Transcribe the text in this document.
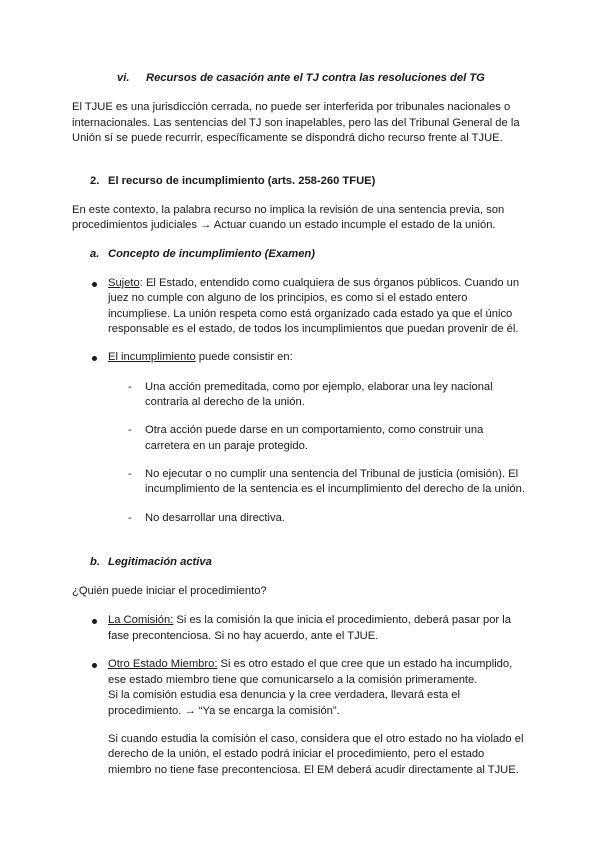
vi. Recursos de casación ante el TJ contra las resoluciones del TG
El TJUE es una jurisdicción cerrada, no puede ser interferida por tribunales nacionales o
internacionales. Las sentencias del TJ son inapelables, pero las del Tribunal General de la
Unión sí se puede recurrir, específicamente se dispondrá dicho recurso frente al TJUE.
2. El recurso de incumplimiento (arts. 258-260 TFUE)
En este contexto, la palabra recurso no implica la revisión de una sentencia previa, son
procedimientos judiciales → Actuar cuando un estado incumple el estado de la unión.
a. Concepto de incumplimiento (Examen)
Sujeto: El Estado, entendido como cualquiera de sus órganos públicos. Cuando un
juez no cumple con alguno de los principios, es como si el estado entero
incumpliese. La unión respeta como está organizado cada estado ya que el único
responsable es el estado, de todos los incumplimientos que puedan provenir de él.
El incumplimiento puede consistir en:
- Una acción premeditada, como por ejemplo, elaborar una ley nacional
contraria al derecho de la unión.
- Otra acción puede darse en un comportamiento, como construir una
carretera en un paraje protegido.
- No ejecutar o no cumplir una sentencia del Tribunal de justicia (omisión). El
incumplimiento de la sentencia es el incumplimiento del derecho de la unión.
- No desarrollar una directiva.
b. Legitimación activa
¿Quién puede iniciar el procedimiento?
La Comisión: Si es la comisión la que inicia el procedimiento, deberá pasar por la
fase precontenciosa. Si no hay acuerdo, ante el TJUE.
Otro Estado Miembro: Si es otro estado el que cree que un estado ha incumplido,
ese estado miembro tiene que comunicarselo a la comisión primeramente.
Si la comisión estudia esa denuncia y la cree verdadera, llevará esta el
procedimiento. → “Ya se encarga la comisión”.
Si cuando estudia la comisión el caso, considera que el otro estado no ha violado el
derecho de la unión, el estado podrá iniciar el procedimiento, pero el estado
miembro no tiene fase precontenciosa. El EM deberá acudir directamente al TJUE.
